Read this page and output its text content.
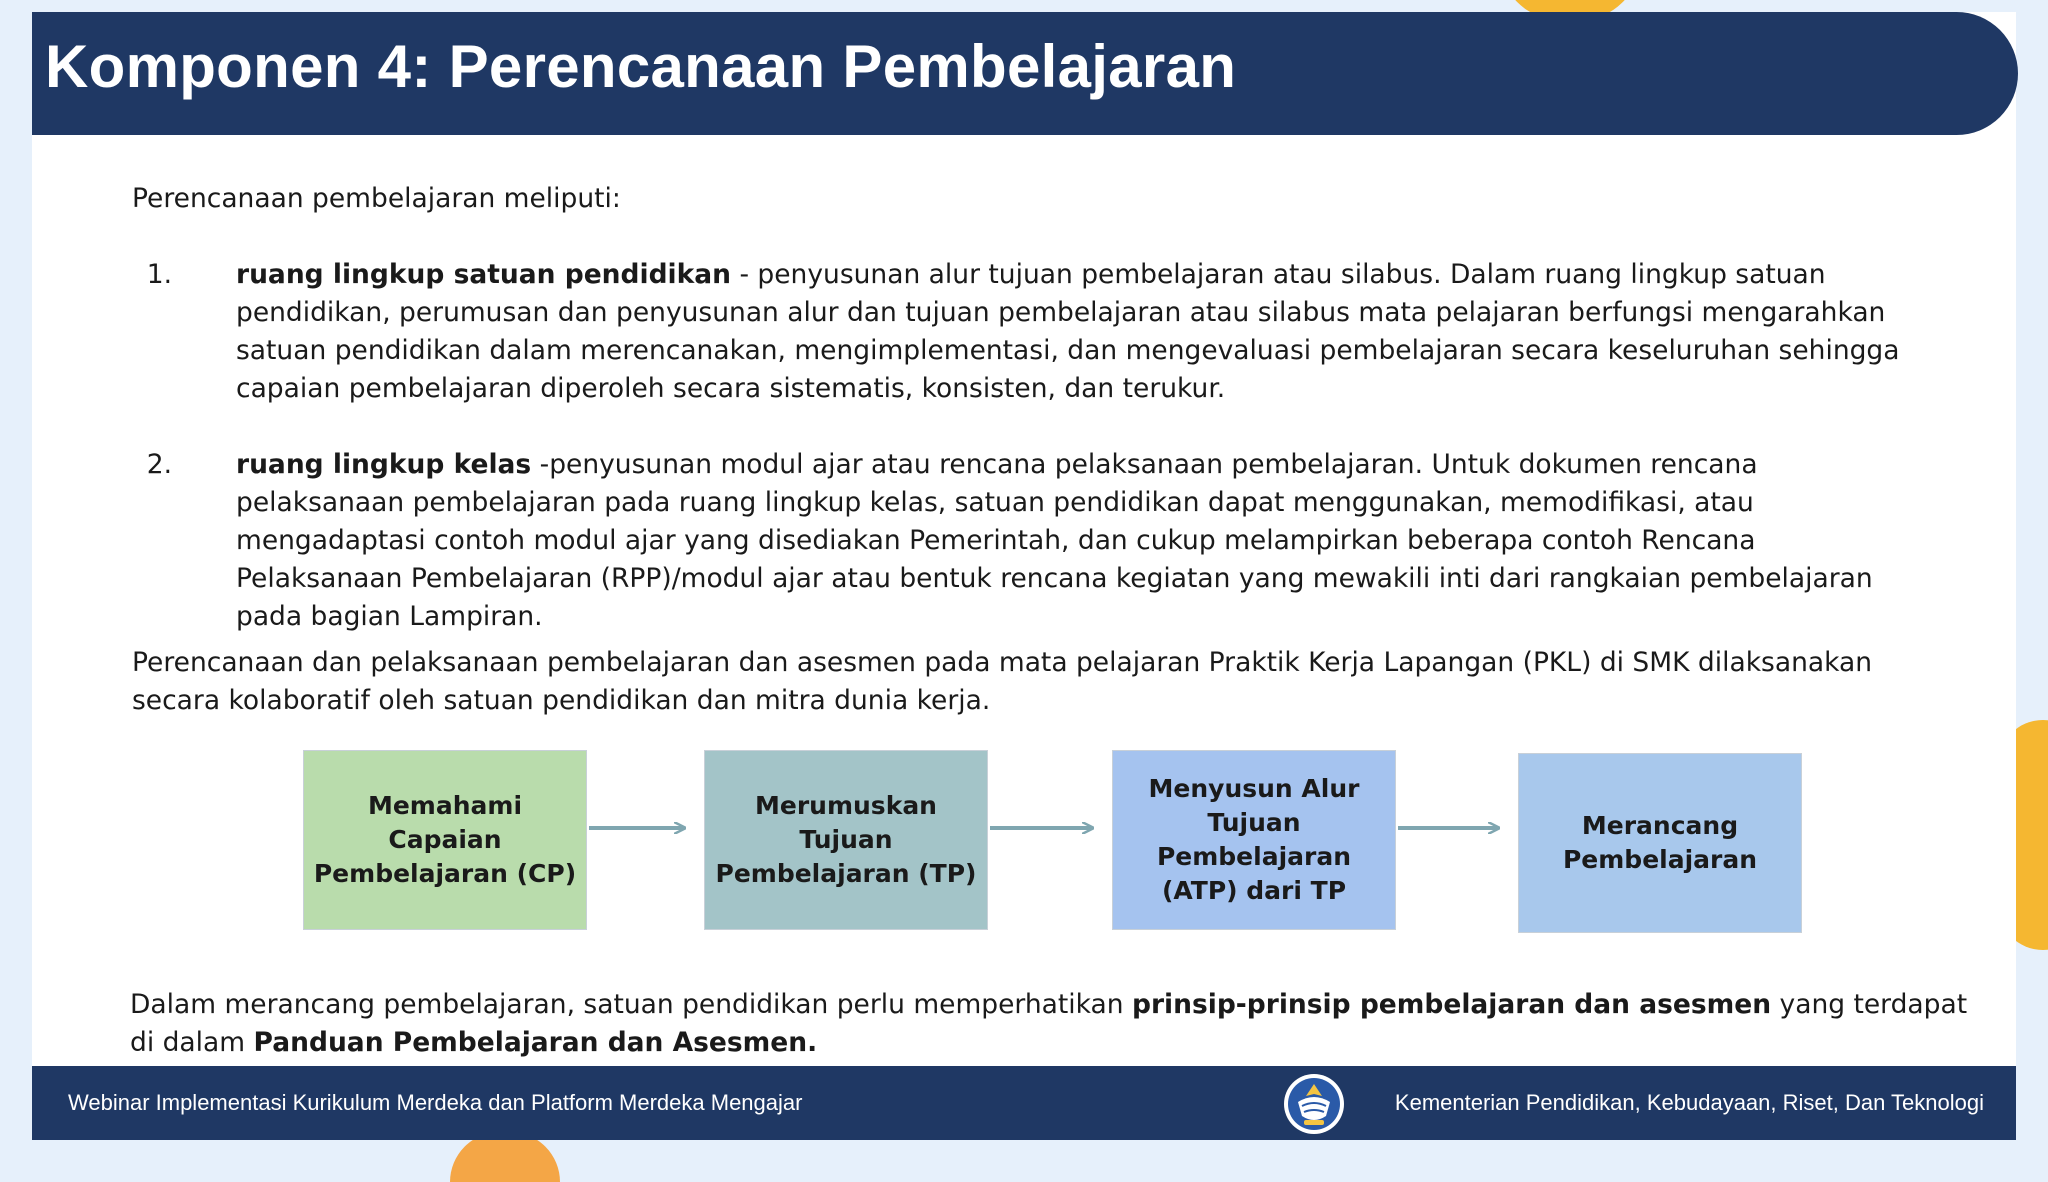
Komponen 4: Perencanaan Pembelajaran
Perencanaan pembelajaran meliputi:
1. ruang lingkup satuan pendidikan - penyusunan alur tujuan pembelajaran atau silabus. Dalam ruang lingkup satuan pendidikan, perumusan dan penyusunan alur dan tujuan pembelajaran atau silabus mata pelajaran berfungsi mengarahkan satuan pendidikan dalam merencanakan, mengimplementasi, dan mengevaluasi pembelajaran secara keseluruhan sehingga capaian pembelajaran diperoleh secara sistematis, konsisten, dan terukur.
2. ruang lingkup kelas -penyusunan modul ajar atau rencana pelaksanaan pembelajaran. Untuk dokumen rencana pelaksanaan pembelajaran pada ruang lingkup kelas, satuan pendidikan dapat menggunakan, memodifikasi, atau mengadaptasi contoh modul ajar yang disediakan Pemerintah, dan cukup melampirkan beberapa contoh Rencana Pelaksanaan Pembelajaran (RPP)/modul ajar atau bentuk rencana kegiatan yang mewakili inti dari rangkaian pembelajaran pada bagian Lampiran.
Perencanaan dan pelaksanaan pembelajaran dan asesmen pada mata pelajaran Praktik Kerja Lapangan (PKL) di SMK dilaksanakan secara kolaboratif oleh satuan pendidikan dan mitra dunia kerja.
Memahami
Capaian
Pembelajaran (CP)
Merumuskan
Tujuan
Pembelajaran (TP)
Menyusun Alur
Tujuan
Pembelajaran
(ATP) dari TP
Merancang
Pembelajaran
Dalam merancang pembelajaran, satuan pendidikan perlu memperhatikan prinsip-prinsip pembelajaran dan asesmen yang terdapat di dalam Panduan Pembelajaran dan Asesmen.
Webinar Implementasi Kurikulum Merdeka dan Platform Merdeka Mengajar	Kementerian Pendidikan, Kebudayaan, Riset, Dan Teknologi
